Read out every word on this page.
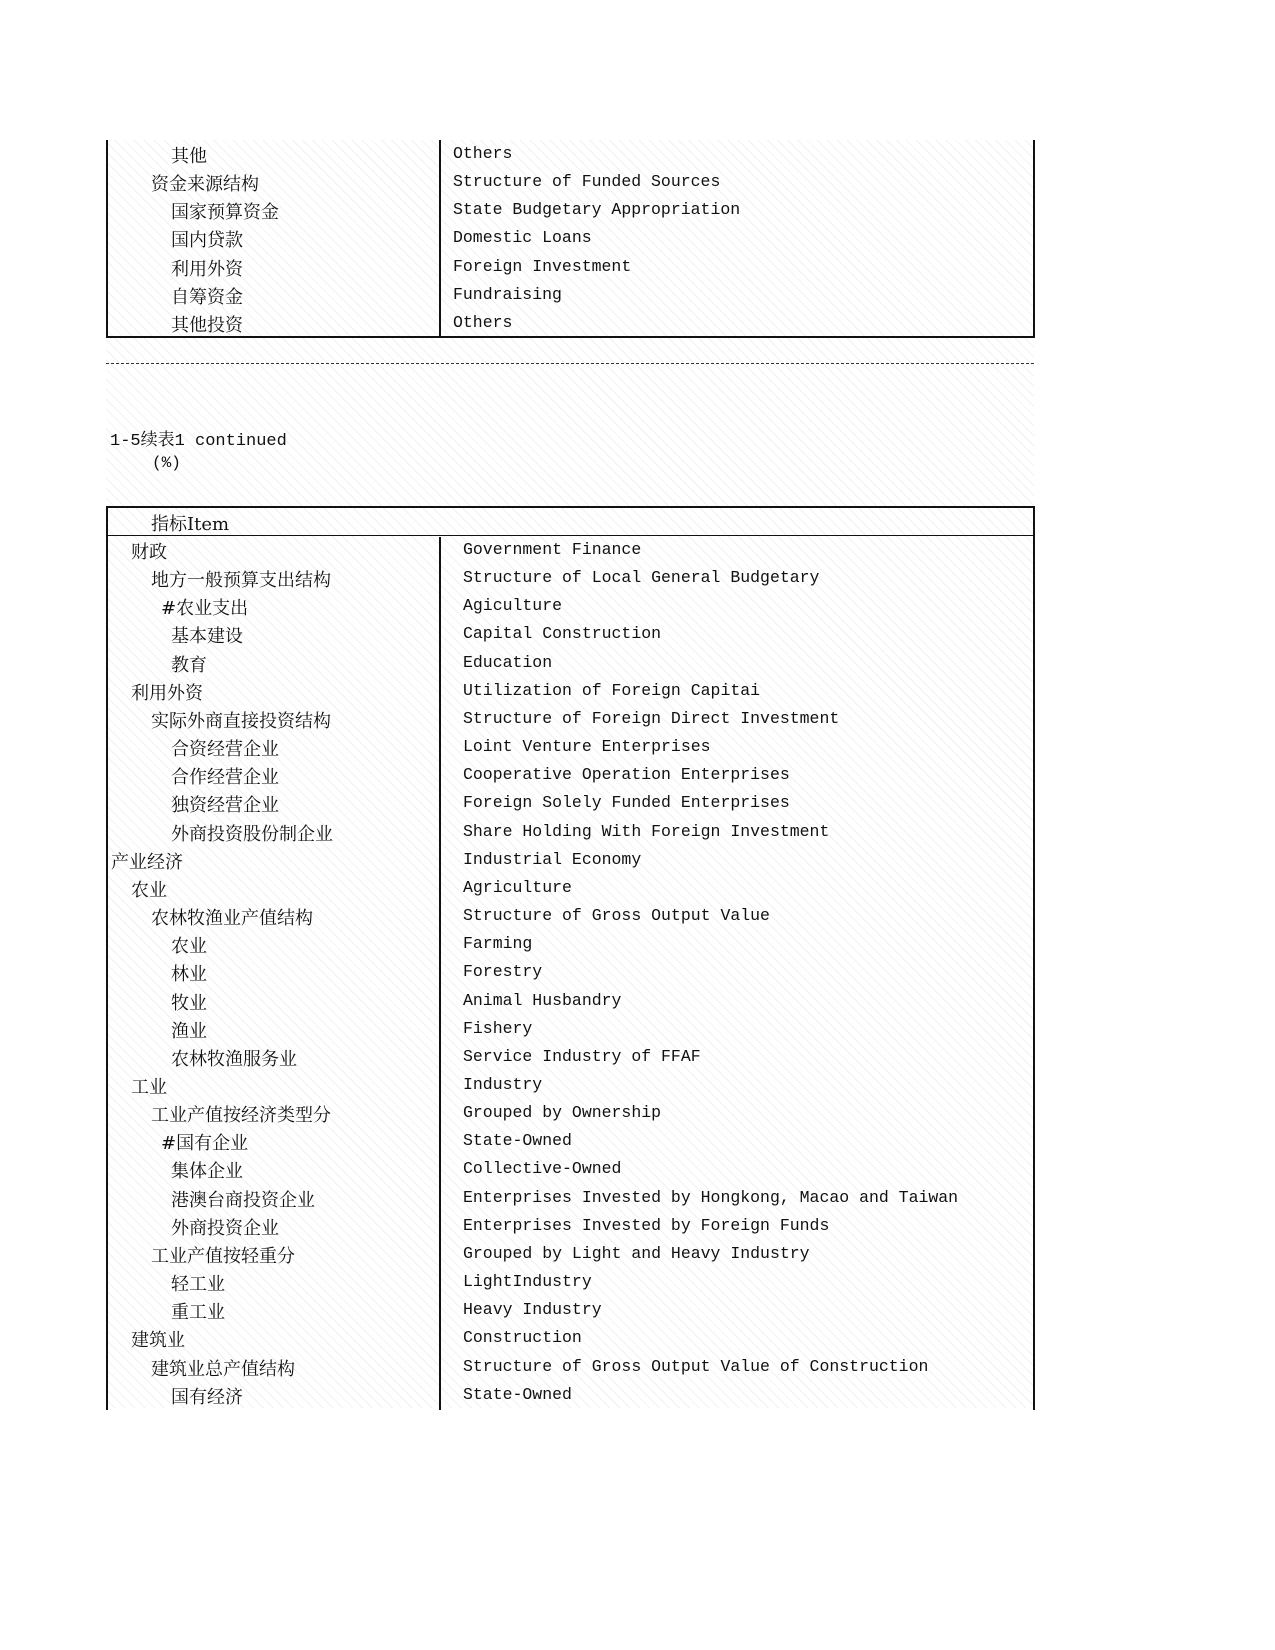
其他	Others
资金来源结构	Structure of Funded Sources
国家预算资金	State Budgetary Appropriation
国内贷款	Domestic Loans
利用外资	Foreign Investment
自筹资金	Fundraising
其他投资	Others
1-5续表1 continued
(%)
指标Item
财政	Government Finance
地方一般预算支出结构	Structure of Local General Budgetary
#农业支出	Agiculture
基本建设	Capital Construction
教育	Education
利用外资	Utilization of Foreign Capitai
实际外商直接投资结构	Structure of Foreign Direct Investment
合资经营企业	Loint Venture Enterprises
合作经营企业	Cooperative Operation Enterprises
独资经营企业	Foreign Solely Funded Enterprises
外商投资股份制企业	Share Holding With Foreign Investment
产业经济	Industrial Economy
农业	Agriculture
农林牧渔业产值结构	Structure of Gross Output Value
农业	Farming
林业	Forestry
牧业	Animal Husbandry
渔业	Fishery
农林牧渔服务业	Service Industry of FFAF
工业	Industry
工业产值按经济类型分	Grouped by Ownership
#国有企业	State-Owned
集体企业	Collective-Owned
港澳台商投资企业	Enterprises Invested by Hongkong, Macao and Taiwan
外商投资企业	Enterprises Invested by Foreign Funds
工业产值按轻重分	Grouped by Light and Heavy Industry
轻工业	LightIndustry
重工业	Heavy Industry
建筑业	Construction
建筑业总产值结构	Structure of Gross Output Value of Construction
国有经济	State-Owned
